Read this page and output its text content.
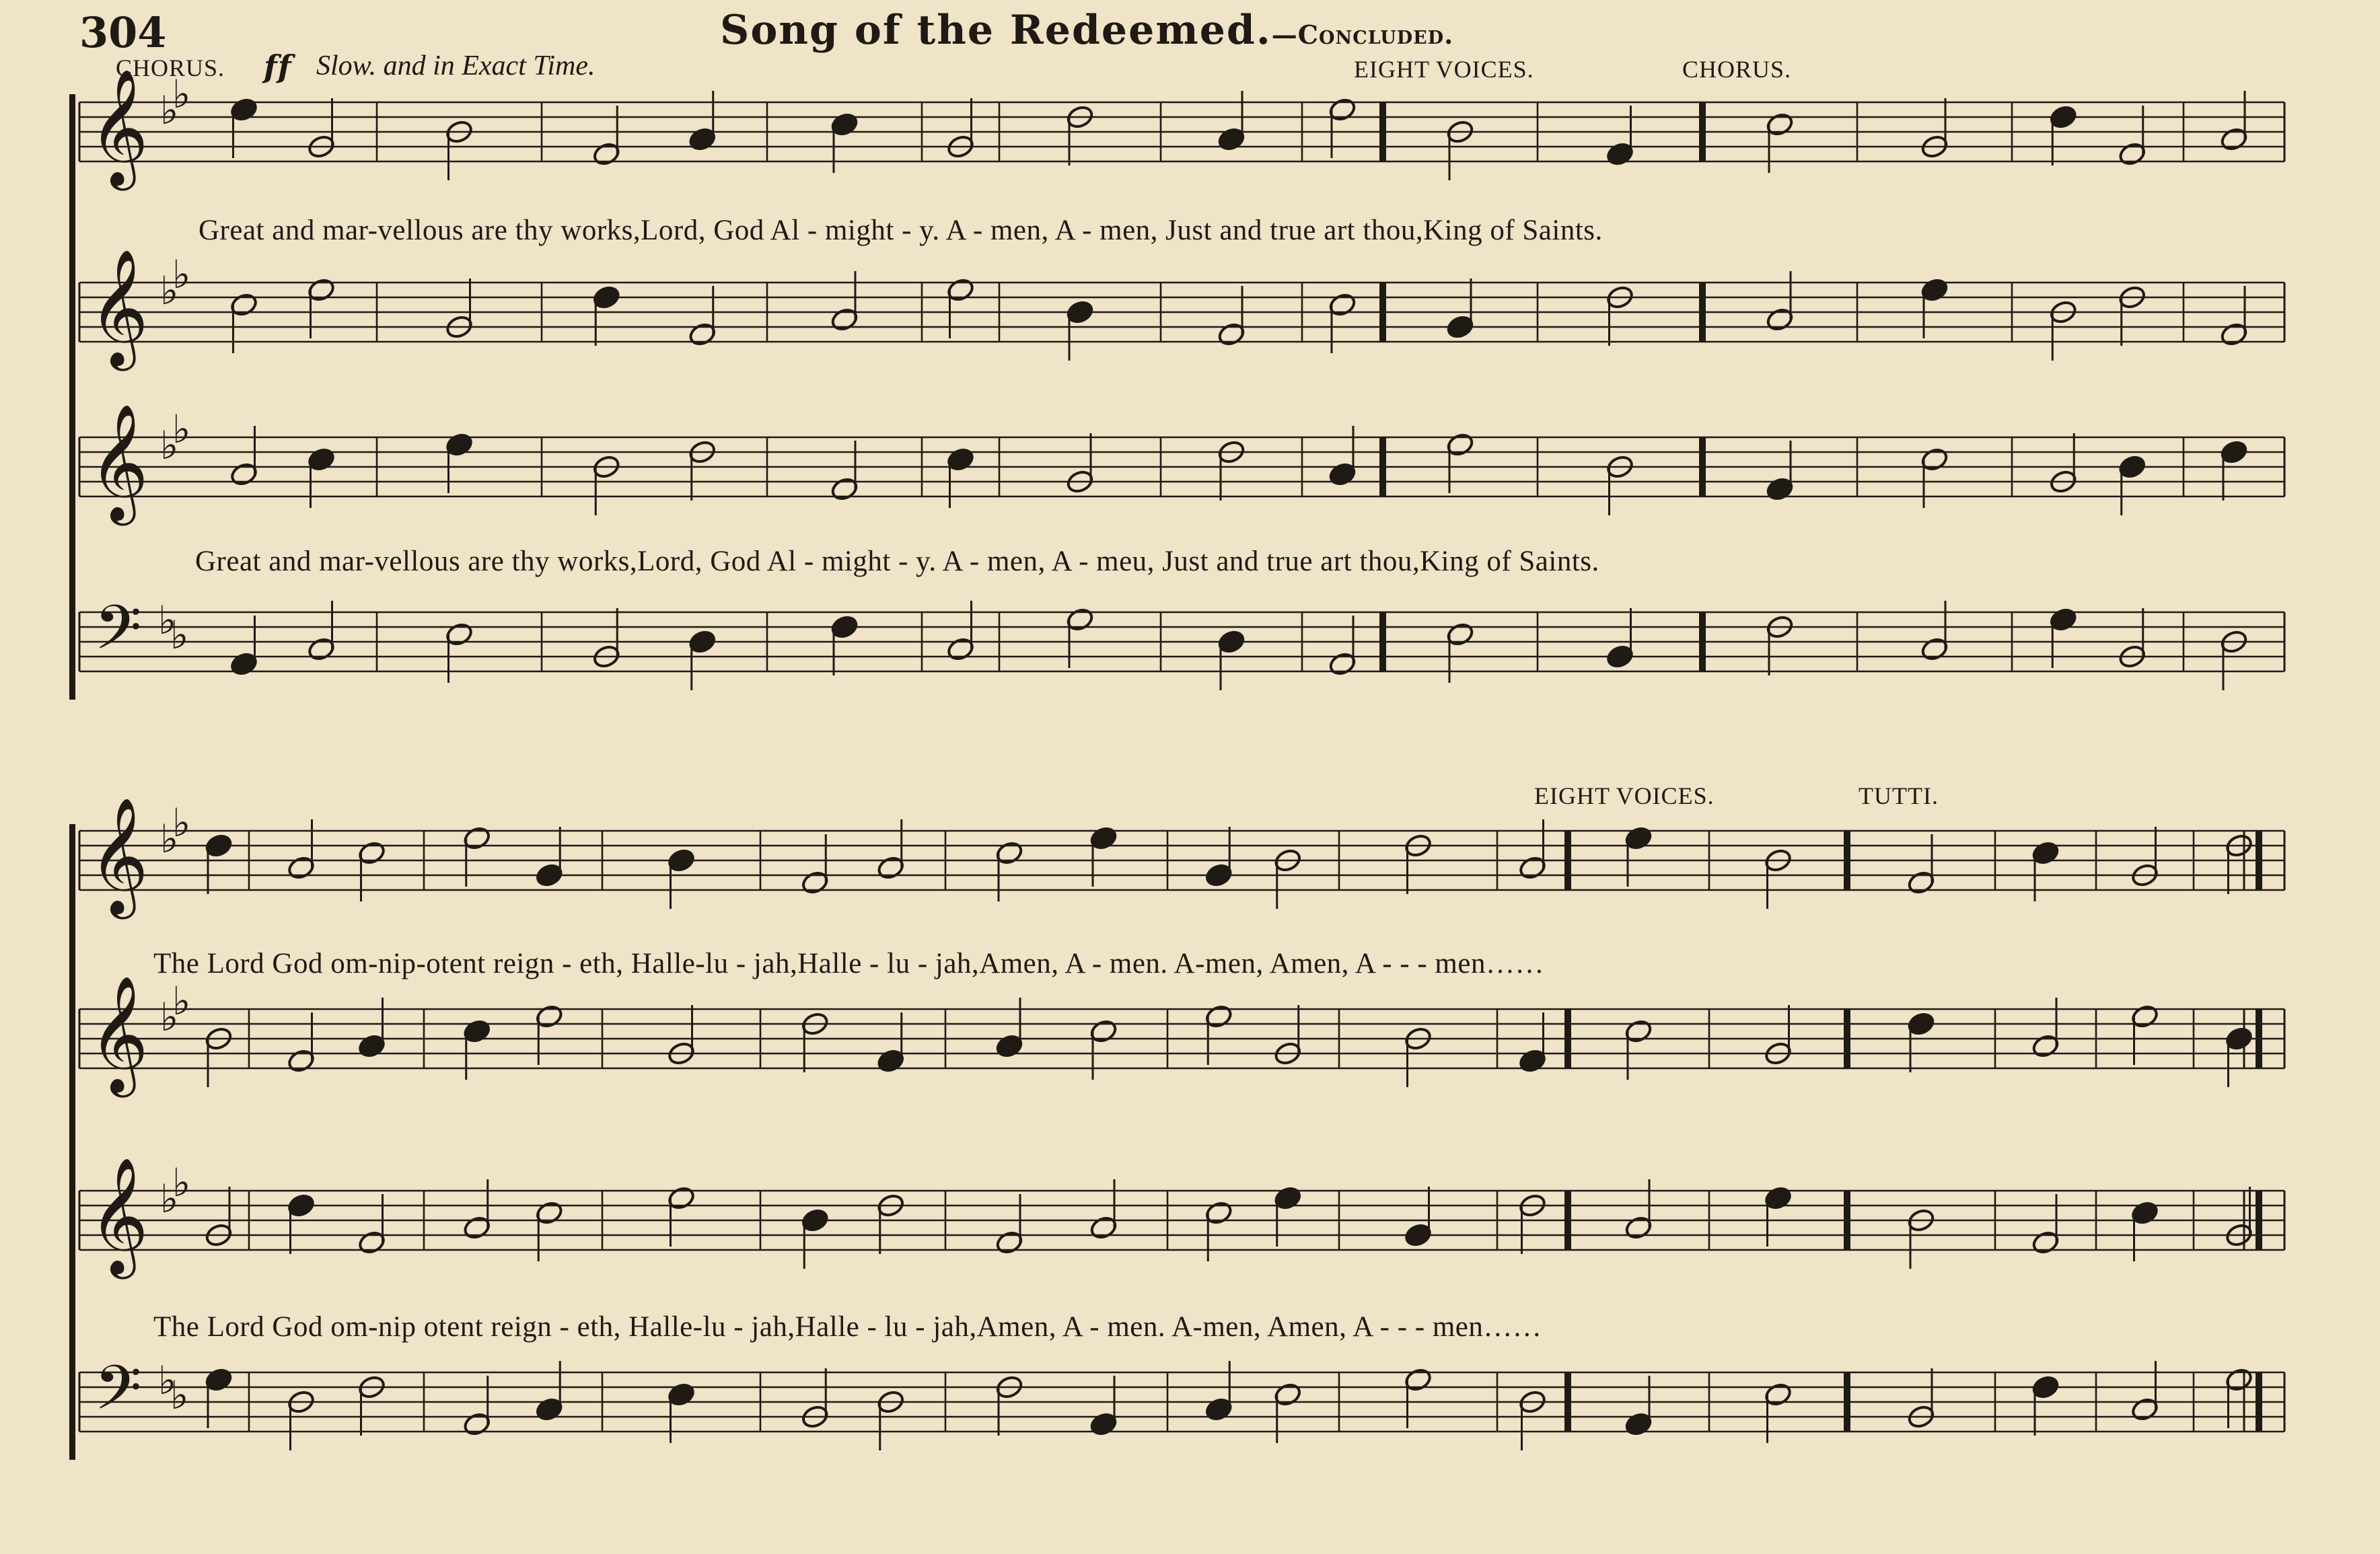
304	Song of the Redeemed.—Concluded.
CHORUS. ff Slow. and in Exact Time.	EIGHT VOICES.	CHORUS.
Great and mar-vellous are thy works,Lord, God Al - might - y. A - men, A - men, Just and true art thou,King of Saints.
Great and mar-vellous are thy works,Lord, God Al - might - y. A - men, A - meu, Just and true art thou,King of Saints.
EIGHT VOICES.	TUTTI.
The Lord God om-nip-otent reign - eth, Halle-lu - jah,Halle - lu - jah,Amen, A - men. A-men, Amen, A - - - men……
The Lord God om-nip otent reign - eth, Halle-lu - jah,Halle - lu - jah,Amen, A - men. A-men, Amen, A - - - men……
𝄞 ♭
♭
𝄞 ♭
♭
𝄞 ♭
♭
𝄢 ♭
♭
𝄞 ♭
♭
𝄞 ♭
♭
𝄞 ♭
♭
𝄢 ♭
♭
